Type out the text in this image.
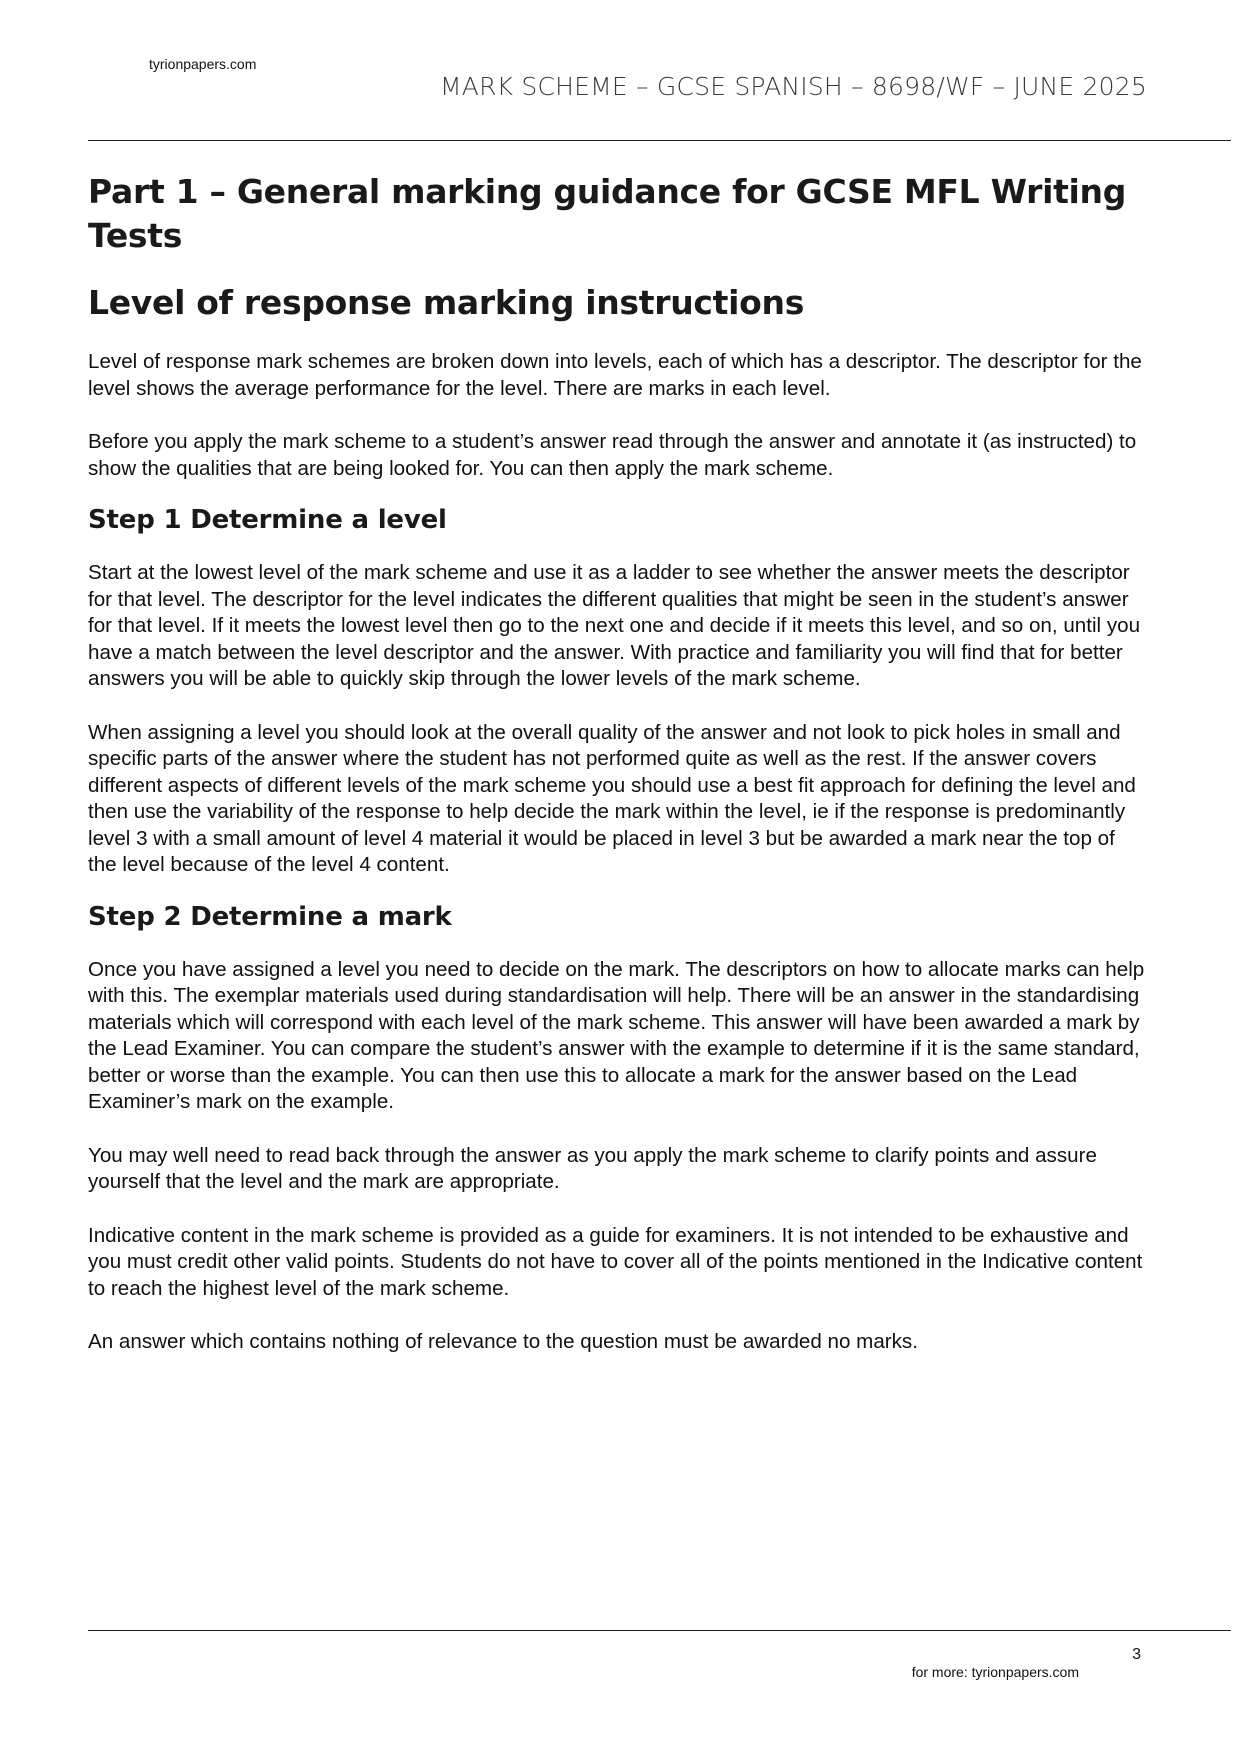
tyrionpapers.com
MARK SCHEME – GCSE SPANISH – 8698/WF – JUNE 2025
Part 1 – General marking guidance for GCSE MFL Writing Tests
Level of response marking instructions

Level of response mark schemes are broken down into levels, each of which has a descriptor. The descriptor for the level shows the average performance for the level. There are marks in each level.

Before you apply the mark scheme to a student’s answer read through the answer and annotate it (as instructed) to show the qualities that are being looked for. You can then apply the mark scheme.

Step 1 Determine a level

Start at the lowest level of the mark scheme and use it as a ladder to see whether the answer meets the descriptor for that level. The descriptor for the level indicates the different qualities that might be seen in the student’s answer for that level. If it meets the lowest level then go to the next one and decide if it meets this level, and so on, until you have a match between the level descriptor and the answer. With practice and familiarity you will find that for better answers you will be able to quickly skip through the lower levels of the mark scheme.

When assigning a level you should look at the overall quality of the answer and not look to pick holes in small and specific parts of the answer where the student has not performed quite as well as the rest. If the answer covers different aspects of different levels of the mark scheme you should use a best fit approach for defining the level and then use the variability of the response to help decide the mark within the level, ie if the response is predominantly level 3 with a small amount of level 4 material it would be placed in level 3 but be awarded a mark near the top of the level because of the level 4 content.

Step 2 Determine a mark

Once you have assigned a level you need to decide on the mark. The descriptors on how to allocate marks can help with this. The exemplar materials used during standardisation will help. There will be an answer in the standardising materials which will correspond with each level of the mark scheme. This answer will have been awarded a mark by the Lead Examiner. You can compare the student’s answer with the example to determine if it is the same standard, better or worse than the example. You can then use this to allocate a mark for the answer based on the Lead Examiner’s mark on the example.

You may well need to read back through the answer as you apply the mark scheme to clarify points and assure yourself that the level and the mark are appropriate.

Indicative content in the mark scheme is provided as a guide for examiners. It is not intended to be exhaustive and you must credit other valid points. Students do not have to cover all of the points mentioned in the Indicative content to reach the highest level of the mark scheme.

An answer which contains nothing of relevance to the question must be awarded no marks.

3
for more: tyrionpapers.com
